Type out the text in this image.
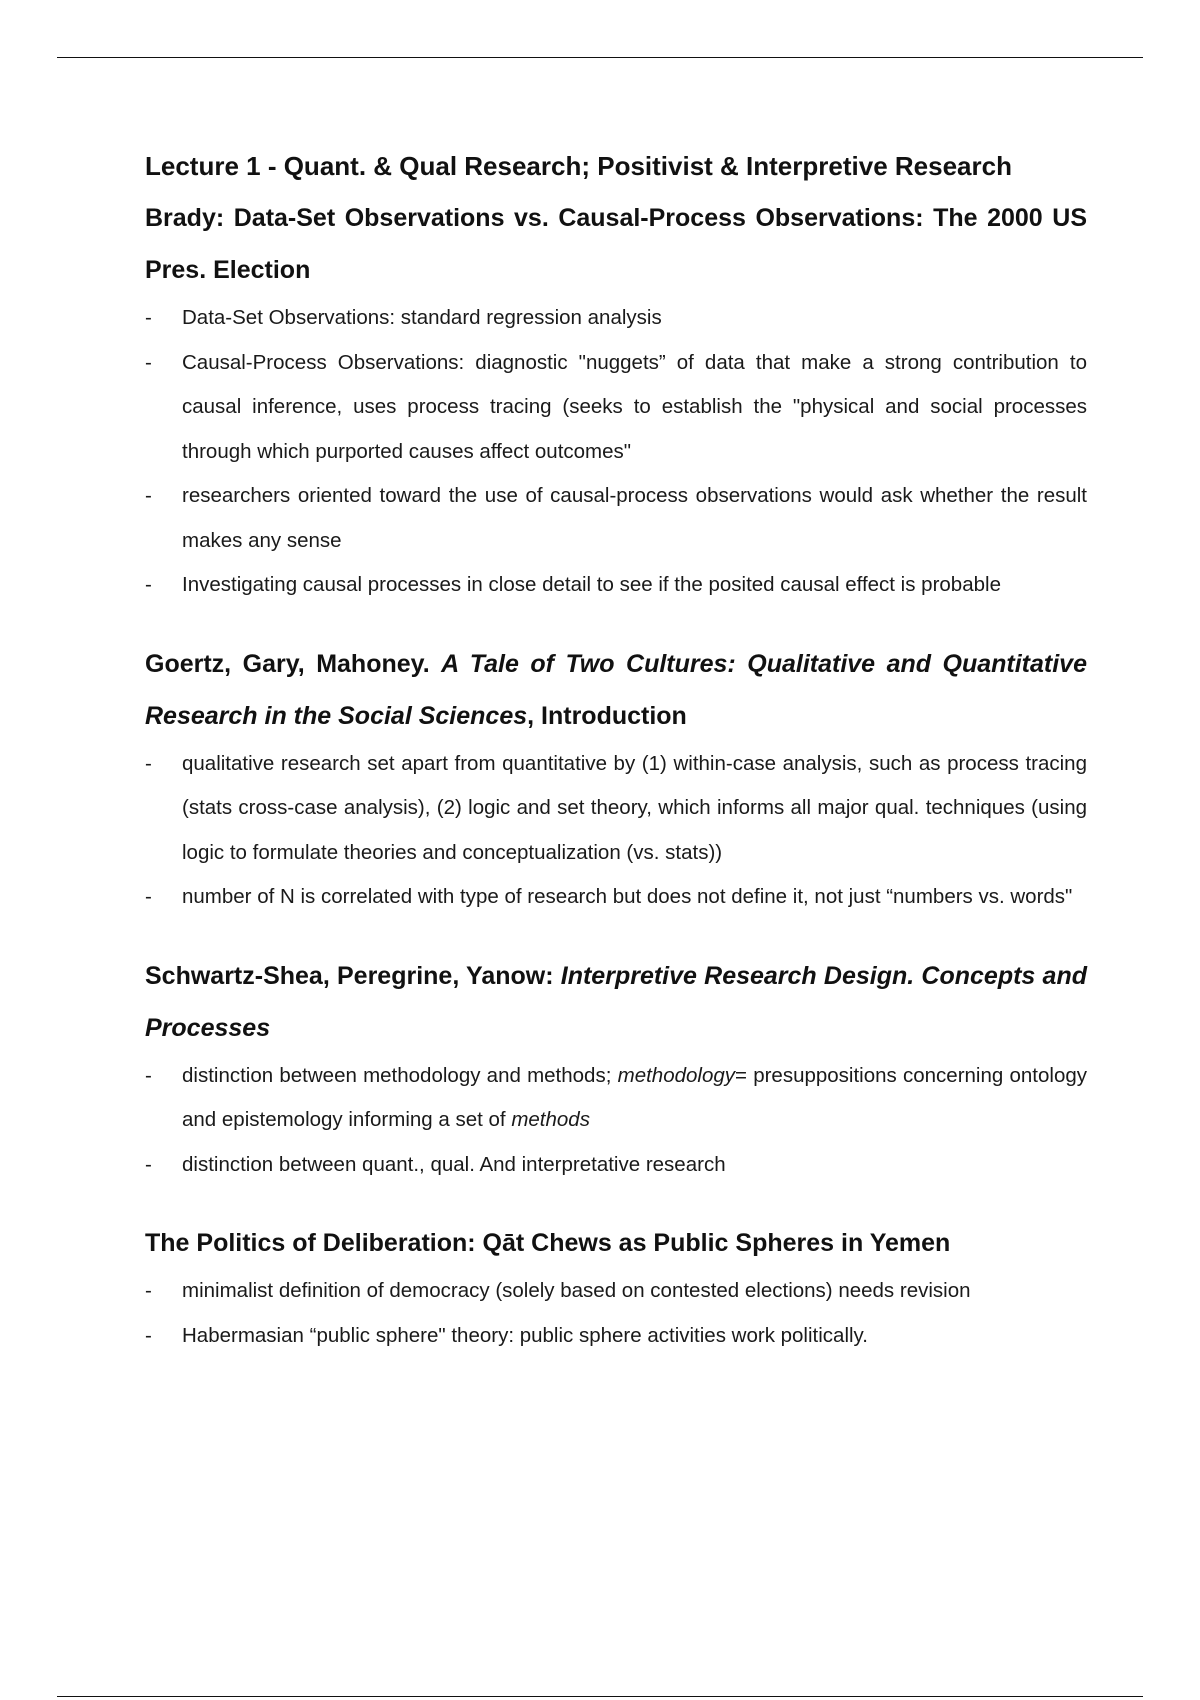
Lecture 1 - Quant. & Qual Research; Positivist & Interpretive Research
Brady: Data-Set Observations vs. Causal-Process Observations: The 2000 US Pres. Election
- Data-Set Observations: standard regression analysis
- Causal-Process Observations: diagnostic "nuggets” of data that make a strong contribution to causal inference, uses process tracing (seeks to establish the "physical and social processes through which purported causes affect outcomes"
- researchers oriented toward the use of causal-process observations would ask whether the result makes any sense
- Investigating causal processes in close detail to see if the posited causal effect is probable
Goertz, Gary, Mahoney. A Tale of Two Cultures: Qualitative and Quantitative Research in the Social Sciences, Introduction
- qualitative research set apart from quantitative by (1) within-case analysis, such as process tracing (stats cross-case analysis), (2) logic and set theory, which informs all major qual. techniques (using logic to formulate theories and conceptualization (vs. stats))
- number of N is correlated with type of research but does not define it, not just “numbers vs. words"
Schwartz-Shea, Peregrine, Yanow: Interpretive Research Design. Concepts and Processes
- distinction between methodology and methods; methodology= presuppositions concerning ontology and epistemology informing a set of methods
- distinction between quant., qual. And interpretative research
The Politics of Deliberation: Qāt Chews as Public Spheres in Yemen
- minimalist definition of democracy (solely based on contested elections) needs revision
- Habermasian “public sphere" theory: public sphere activities work politically.
